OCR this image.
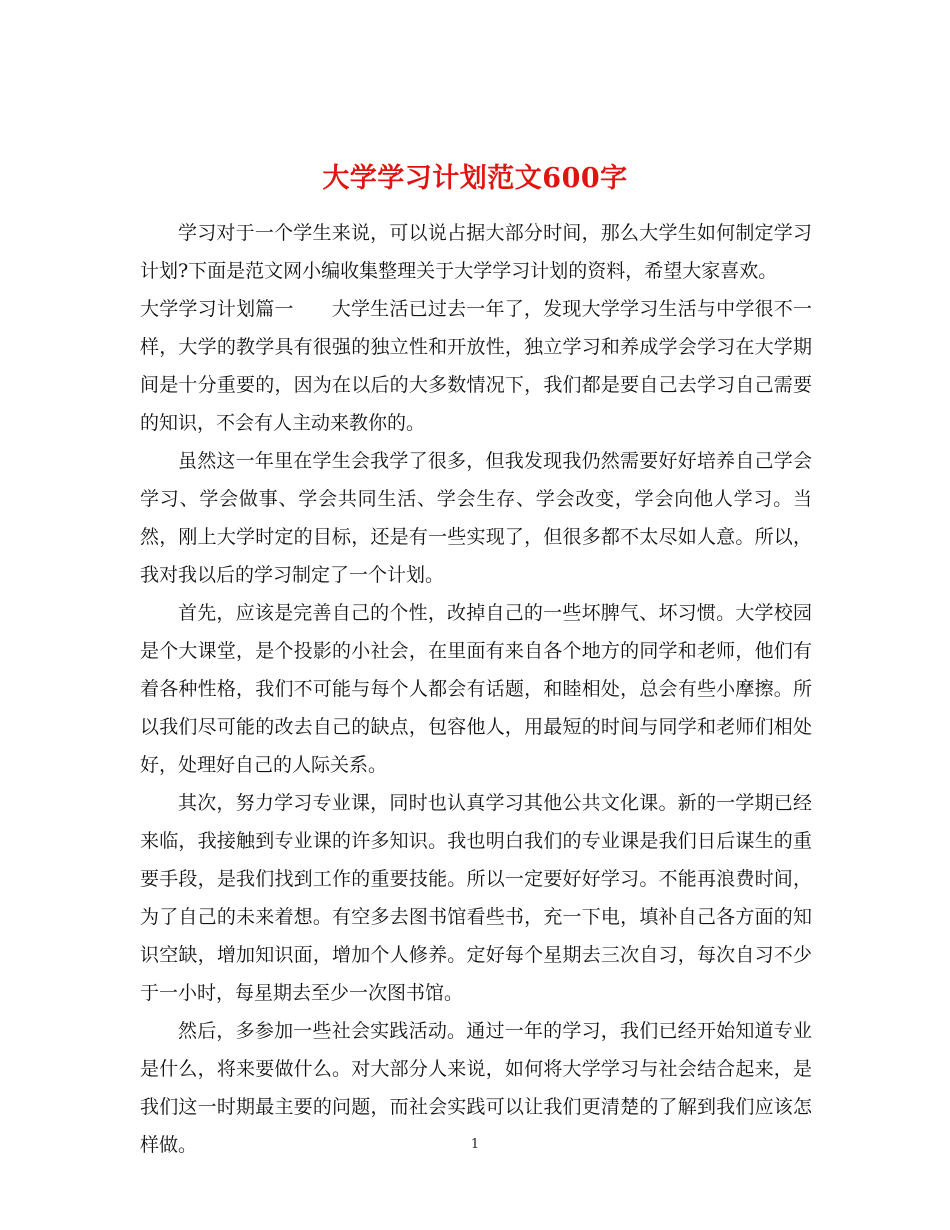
大学学习计划范文600字

学习对于一个学生来说，可以说占据大部分时间，那么大学生如何制定学习计划?下面是范文网小编收集整理关于大学学习计划的资料，希望大家喜欢。

大学学习计划篇一 大学生活已过去一年了，发现大学学习生活与中学很不一样，大学的教学具有很强的独立性和开放性，独立学习和养成学会学习在大学期间是十分重要的，因为在以后的大多数情况下，我们都是要自己去学习自己需要的知识，不会有人主动来教你的。

虽然这一年里在学生会我学了很多，但我发现我仍然需要好好培养自己学会学习、学会做事、学会共同生活、学会生存、学会改变，学会向他人学习。当然，刚上大学时定的目标，还是有一些实现了，但很多都不太尽如人意。所以，我对我以后的学习制定了一个计划。

首先，应该是完善自己的个性，改掉自己的一些坏脾气、坏习惯。大学校园是个大课堂，是个投影的小社会，在里面有来自各个地方的同学和老师，他们有着各种性格，我们不可能与每个人都会有话题，和睦相处，总会有些小摩擦。所以我们尽可能的改去自己的缺点，包容他人，用最短的时间与同学和老师们相处好，处理好自己的人际关系。

其次，努力学习专业课，同时也认真学习其他公共文化课。新的一学期已经来临，我接触到专业课的许多知识。我也明白我们的专业课是我们日后谋生的重要手段，是我们找到工作的重要技能。所以一定要好好学习。不能再浪费时间，为了自己的未来着想。有空多去图书馆看些书，充一下电，填补自己各方面的知识空缺，增加知识面，增加个人修养。定好每个星期去三次自习，每次自习不少于一小时，每星期去至少一次图书馆。

然后，多参加一些社会实践活动。通过一年的学习，我们已经开始知道专业是什么，将来要做什么。对大部分人来说，如何将大学学习与社会结合起来，是我们这一时期最主要的问题，而社会实践可以让我们更清楚的了解到我们应该怎样做。	1
